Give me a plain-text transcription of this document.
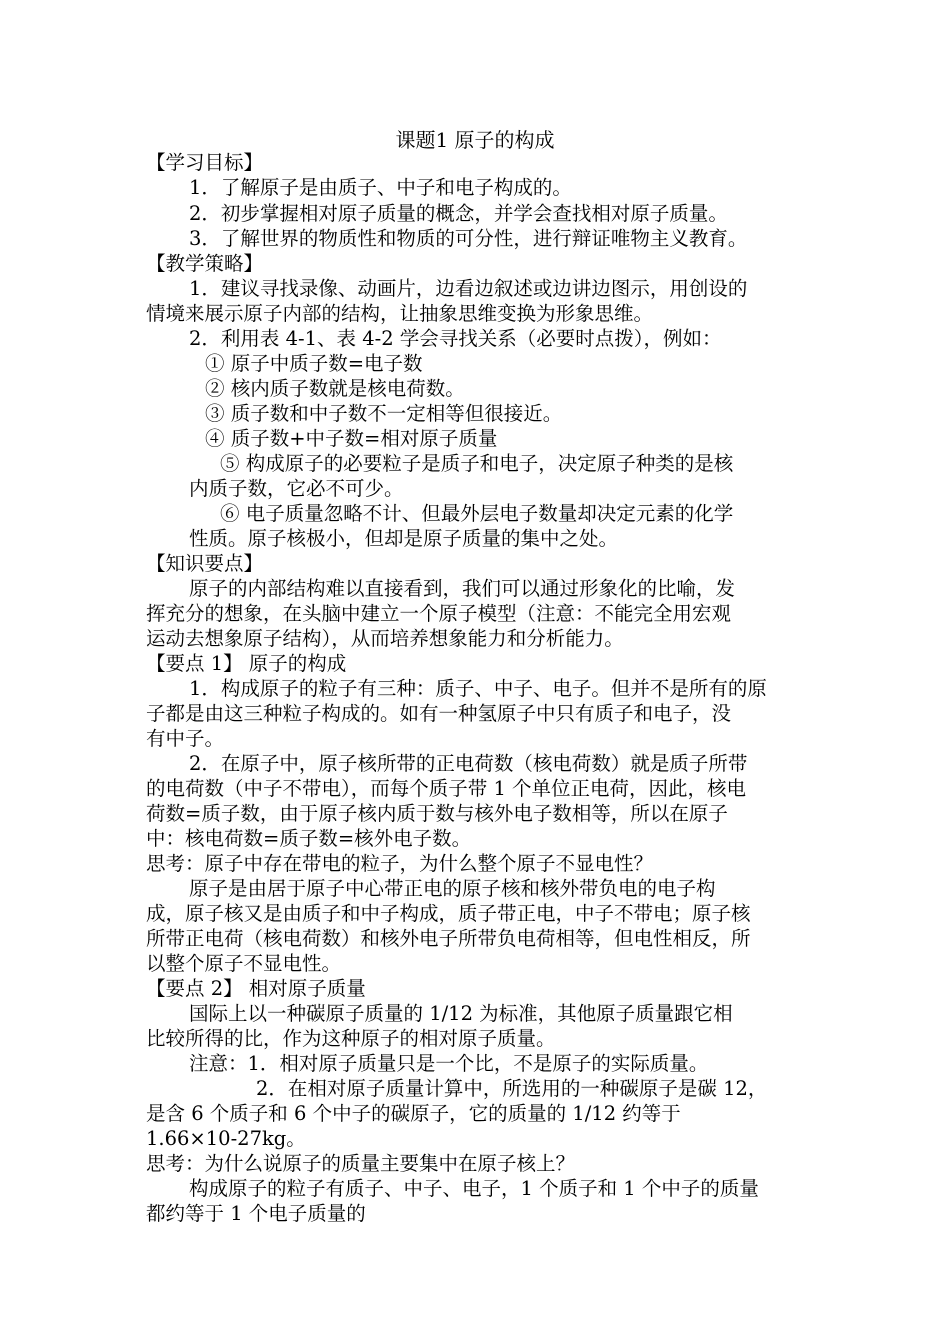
课题1 原子的构成
【学习目标】
1．了解原子是由质子、中子和电子构成的。
2．初步掌握相对原子质量的概念，并学会查找相对原子质量。
3．了解世界的物质性和物质的可分性，进行辩证唯物主义教育。
【教学策略】
1．建议寻找录像、动画片，边看边叙述或边讲边图示，用创设的
情境来展示原子内部的结构，让抽象思维变换为形象思维。
2．利用表 4-1、表 4-2 学会寻找关系（必要时点拨），例如：
① 原子中质子数=电子数
② 核内质子数就是核电荷数。
③ 质子数和中子数不一定相等但很接近。
④ 质子数+中子数=相对原子质量
⑤ 构成原子的必要粒子是质子和电子，决定原子种类的是核
内质子数，它必不可少。
⑥ 电子质量忽略不计、但最外层电子数量却决定元素的化学
性质。原子核极小，但却是原子质量的集中之处。
【知识要点】
原子的内部结构难以直接看到，我们可以通过形象化的比喻，发
挥充分的想象，在头脑中建立一个原子模型（注意：不能完全用宏观
运动去想象原子结构），从而培养想象能力和分析能力。
【要点 1】 原子的构成
1．构成原子的粒子有三种：质子、中子、电子。但并不是所有的原
子都是由这三种粒子构成的。如有一种氢原子中只有质子和电子，没
有中子。
2．在原子中，原子核所带的正电荷数（核电荷数）就是质子所带
的电荷数（中子不带电），而每个质子带 1 个单位正电荷，因此，核电
荷数=质子数，由于原子核内质于数与核外电子数相等，所以在原子
中：核电荷数=质子数=核外电子数。
思考：原子中存在带电的粒子，为什么整个原子不显电性？
原子是由居于原子中心带正电的原子核和核外带负电的电子构
成，原子核又是由质子和中子构成，质子带正电，中子不带电；原子核
所带正电荷（核电荷数）和核外电子所带负电荷相等，但电性相反，所
以整个原子不显电性。
【要点 2】 相对原子质量
国际上以一种碳原子质量的 1/12 为标准，其他原子质量跟它相
比较所得的比，作为这种原子的相对原子质量。
注意：1．相对原子质量只是一个比，不是原子的实际质量。
2．在相对原子质量计算中，所选用的一种碳原子是碳 12，
是含 6 个质子和 6 个中子的碳原子，它的质量的 1/12 约等于
1.66×10-27kg。
思考：为什么说原子的质量主要集中在原子核上？
构成原子的粒子有质子、中子、电子，1 个质子和 1 个中子的质量
都约等于 1 个电子质量的
